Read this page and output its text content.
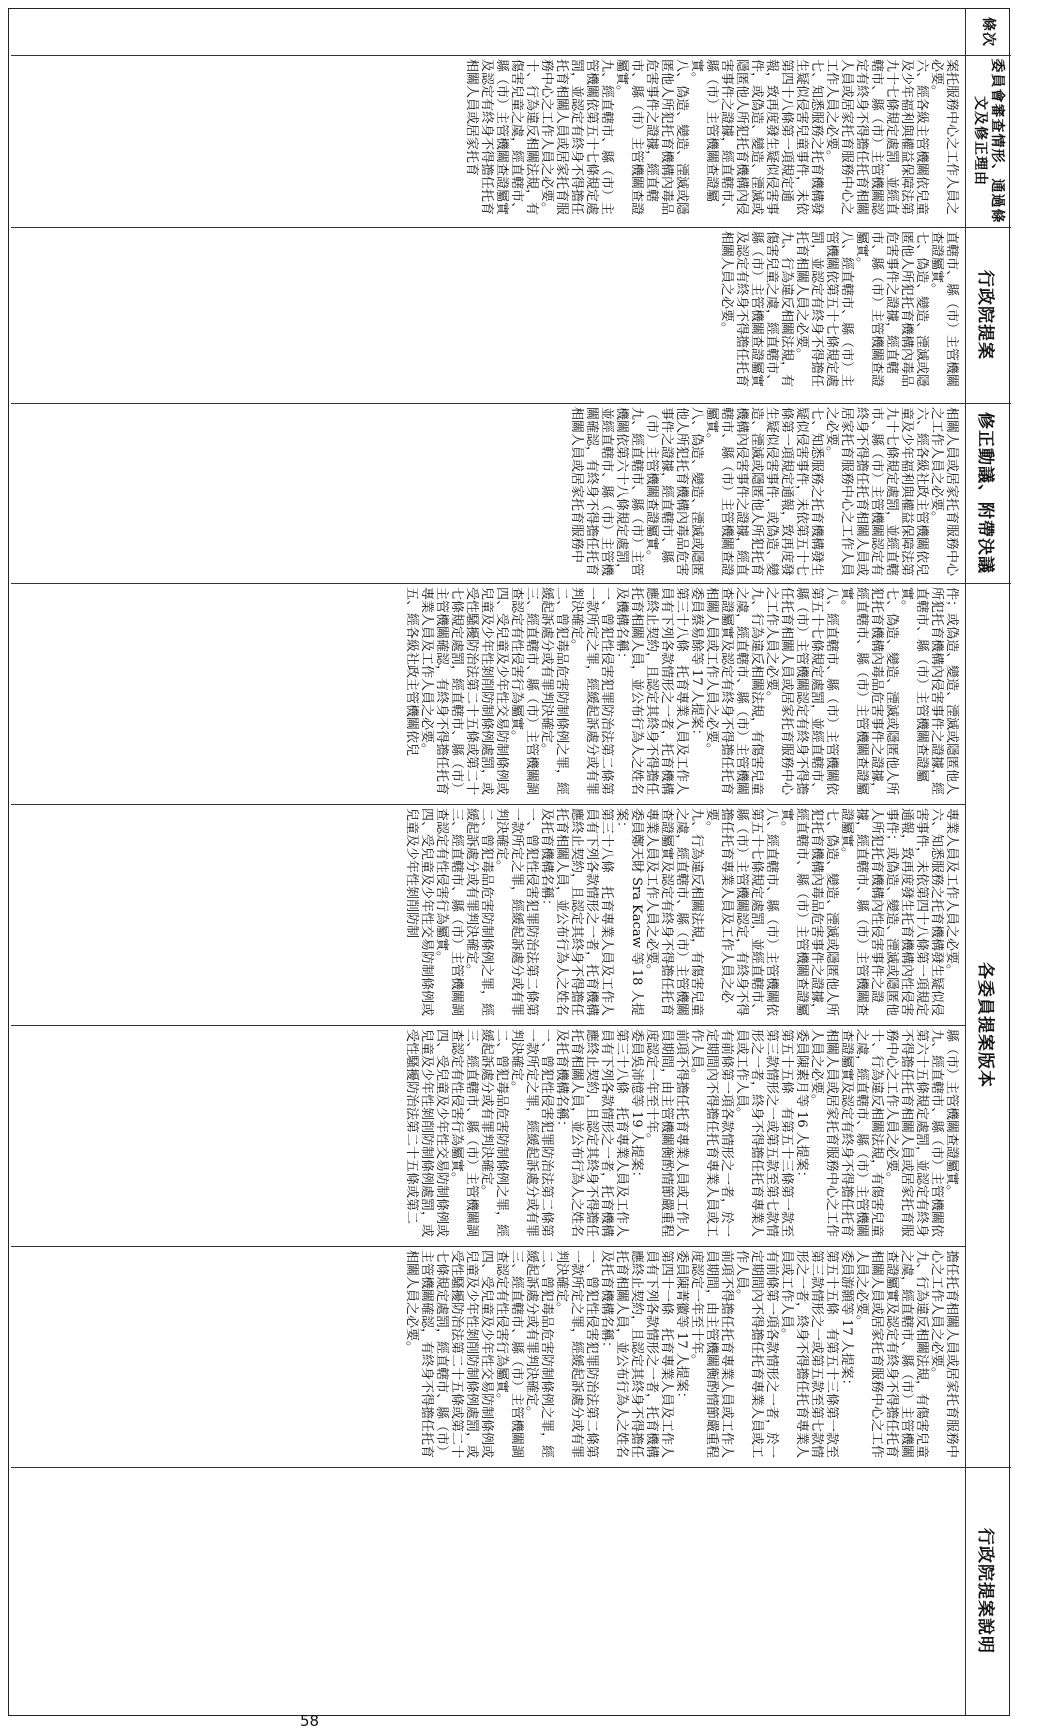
條次
委員會審查情形、通過條文及修正理由
行政院提案
修正動議、附帶決議
各委員提案版本
行政院提案說明
案托服務中心之工作人員之必要。
六、經各級主管機關依兒童及少年福利與權益保障法第九十七條規定處罰，並經直轄市、縣（市）主管機關認定有終身不得擔任托育相關人員或居家托育服務中心之工作人員之必要。
七、知悉服務之托育機構發生疑似侵害兒童事件，未依第四十八條第一項規定通報，致再度發生疑似侵害事件，或偽造、變造、湮滅或隱匿他人所犯托育機構內侵害事件之證據，經直轄市、縣（市）主管機關查證屬實。
八、偽造、變造、湮滅或隱匿他人所犯托育機構內毒品危害事件之證據，經直轄市、縣（市）主管機關查證屬實。
九、經直轄市、縣（市）主管機關依第五十七條規定處罰，並認定有終身不得擔任托育相關人員或居家托育服務中心之工作人員之必要。
十、行為違反相關法規，有傷害兒童之虞，經直轄市、縣（市）主管機關查證屬實及認定有終身不得擔任托育相關人員或居家托育
直轄市、縣（市）主管機關查證屬實。
七、偽造、變造、湮滅或隱匿他人所犯托育機構內毒品危害事件之證據，經直轄市、縣（市）主管機關查證屬實。
八、經直轄市、縣（市）主管機關依第五十七條規定處罰，並認定有終身不得擔任托育相關人員之必要。
九、行為違反相關法規，有傷害兒童之虞，經直轄市、縣（市）主管機關查證屬實及認定有終身不得擔任托育相關人員之必要。
相關人員或居家托育服務中心之工作人員之必要。
六、經各級社政主管機關依兒童及少年福利與權益保障法第九十七條規定處罰，並經直轄市、縣（市）主管機關認定有終身不得擔任托育相關人員或居家托育服務中心之工作人員之必要。
七、知悉服務之托育機構發生疑似侵害事件，未依第五十七條第一項規定通報，致再度發生疑似侵害事件，或偽造、變造、湮滅或隱匿他人所犯托育機構內侵害事件之證據，經直轄市、縣（市）主管機關查證屬實。
八、偽造、變造、湮滅或隱匿他人所犯托育機構內毒品危害事件之證據，經直轄市、縣（市）主管機關查證屬實。
九、經直轄市、縣（市）主管機關依第六十八條規定處罰，並經直轄市、縣（市）主管機關確認，有終身不得擔任托育相關人員或居家托育服務中
件；或偽造、變造、湮滅或隱匿他人所犯托育機構內侵害事件之證據，經直轄市、縣（市）主管機關查證屬實。
七、偽造、變造、湮滅或隱匿他人所犯托育機構內毒品危害事件之證據，經直轄市、縣（市）主管機關查證屬實。
八、經直轄市、縣（市）主管機關依第五十七條規定處罰，並經直轄市、縣（市）主管機關認定有終身不得擔任托育相關人員或居家托育服務中心之工作人員之必要。
九、行為違反相關法規，有傷害兒童之虞，經直轄市、縣（市）主管機關查證屬實及認定有終身不得擔任托育相關人員或工作人員之必要。
委員蔡易餘等 17 人提案：
第三十八條　托育專業人員及工作人員有下列各款情形之一者，托育機構應終止契約，且認定其終身不得擔任托育相關人員，並公布行為人之姓名及機構名稱：
一、曾犯性侵害犯罪防治法第二條第一款所定之罪，經緩起訴處分或有罪判決確定。
二、曾犯毒品危害防制條例之罪，經緩起訴處分或有罪判決確定。
三、經直轄市、縣（市）主管機關調查認定有性侵害行為屬實。
四、受兒童及少年性交易防制條例或兒童及少年性剝削防制條例處罰，或受性騷擾防治法第二十五條或第二十七條規定處罰，經直轄市、縣（市）主管機關確認，有終身不得擔任托育專業人員及工作人員之必要。
五、經各級社政主管機關依兒
專業人員及工作人員之必要。
六、知悉服務之托育機構發生疑似侵害事件，未依第四十八條第一項規定通報，致再度發生托育機構內性侵害事件；或偽造、變造、湮滅或隱匿他人所犯托育機構內性侵害事件之證據，經直轄市、縣（市）主管機關查證屬實。
七、偽造、變造、湮滅或隱匿他人所犯托育機構內毒品危害事件之證據，經直轄市、縣（市）主管機關查證屬實。
八、經直轄市、縣（市）主管機關依第五十七條規定處罰，並經直轄市、縣（市）主管機關認定，有終身不得擔任托育專業人員及工作人員之必要。
九、行為違反相關法規，有傷害兒童之虞，經直轄市、縣（市）主管機關查證屬實及認定有終身不得擔任托育專業人員及工作人員之必要。
委員鄭天財 Sra Kacaw 等 18 人提案：
第三十八條　托育專業人員及工作人員有下列各款情形之一者，托育機構應終止契約，且認定其終身不得擔任托育相關人員，並公布行為人之姓名及托育機構名稱：
一、曾犯性侵害犯罪防治法第二條第一款所定之罪，經緩起訴處分或有罪判決確定。
二、曾犯毒品危害防制條例之罪，經緩起訴處分或有罪判決確定。
三、經直轄市、縣（市）主管機關調查認定有性侵害行為屬實。
四、受兒童及少年性交易防制條例或兒童及少年性剝削防制
縣（市）主管機關查證屬實。
九、經直轄市、縣（市）主管機關依第六十五條規定處罰，並認定有終身不得擔任托育相關人員或居家托育服務中心之工作人員之必要。
十、行為違反相關法規，有傷害兒童之虞，經直轄市、縣（市）主管機關查證屬實及認定有終身不得擔任托育相關人員或居家托育服務中心之工作人員之必要。
委員陳素月等 16 人提案：
第五十五條　有第五十三條第一款至第三款情形之一或第五款至第七款情形之一者，終身不得擔任托育專業人員或工作人員。
有前條第一項各款情形之一者，於一定期間內不得擔任托育專業人員或工作人員。
前項不得擔任托育專業人員或工作人員期間，由主管機關衡酌情節嚴重程度認定一年至十年。
委員吳沛憶等 19 人提案：
第三十八條　托育專業人員及工作人員有下列各款情形之一者，托育機構應終止契約，且認定其終身不得擔任托育相關人員，並公布行為人之姓名及托育機構名稱：
一、曾犯性侵害犯罪防治法第二條第一款所定之罪，經緩起訴處分或有罪判決確定。
二、曾犯毒品危害防制條例之罪，經緩起訴處分或有罪判決確定。
三、經直轄市、縣（市）主管機關調查認定有性侵害行為屬實。
四、受兒童及少年性交易防制條例或兒童及少年性剝削防制條例處罰，或受性騷擾防治法第二十五條或第二
擔任托育相關人員或居家托育服務中心之工作人員之必要。
九、行為違反相關法規，有傷害兒童之虞，經直轄市、縣（市）主管機關查證屬實及認定有終身不得擔任托育相關人員或居家托育服務中心之工作人員之必要。
委員游顥等 17 人提案：
第五十五條　有第五十三條第一款至第三款情形之一或第五款至第七款情形之一者，終身不得擔任托育專業人員或工作人員。
有前條第一項各款情形之一者，於一定期間內不得擔任托育專業人員或工作人員。
前項不得擔任托育專業人員或工作人員期間，由主管機關衡酌情節嚴重程度認定一年至十年。
委員陳菁徽等 17 人提案：
第四十一條　托育專業人員及工作人員有下列各款情形之一者，托育機構應終止契約，且認定其終身不得擔任托育相關人員，並公布行為人之姓名及托育機構名稱：
一、曾犯性侵害犯罪防治法第二條第一款所定之罪，經緩起訴處分或有罪判決確定。
二、曾犯毒品危害防制條例之罪，經緩起訴處分或有罪判決確定。
三、經直轄市、縣（市）主管機關調查認定有性侵害行為屬實。
四、受兒童及少年性交易防制條例或兒童及少年性剝削防制條例處罰，或受性騷擾防治法第二十五條或第二十七條規定處罰，經直轄市、縣（市）主管機關確認，有終身不得擔任托育相關人員之必要。
58
